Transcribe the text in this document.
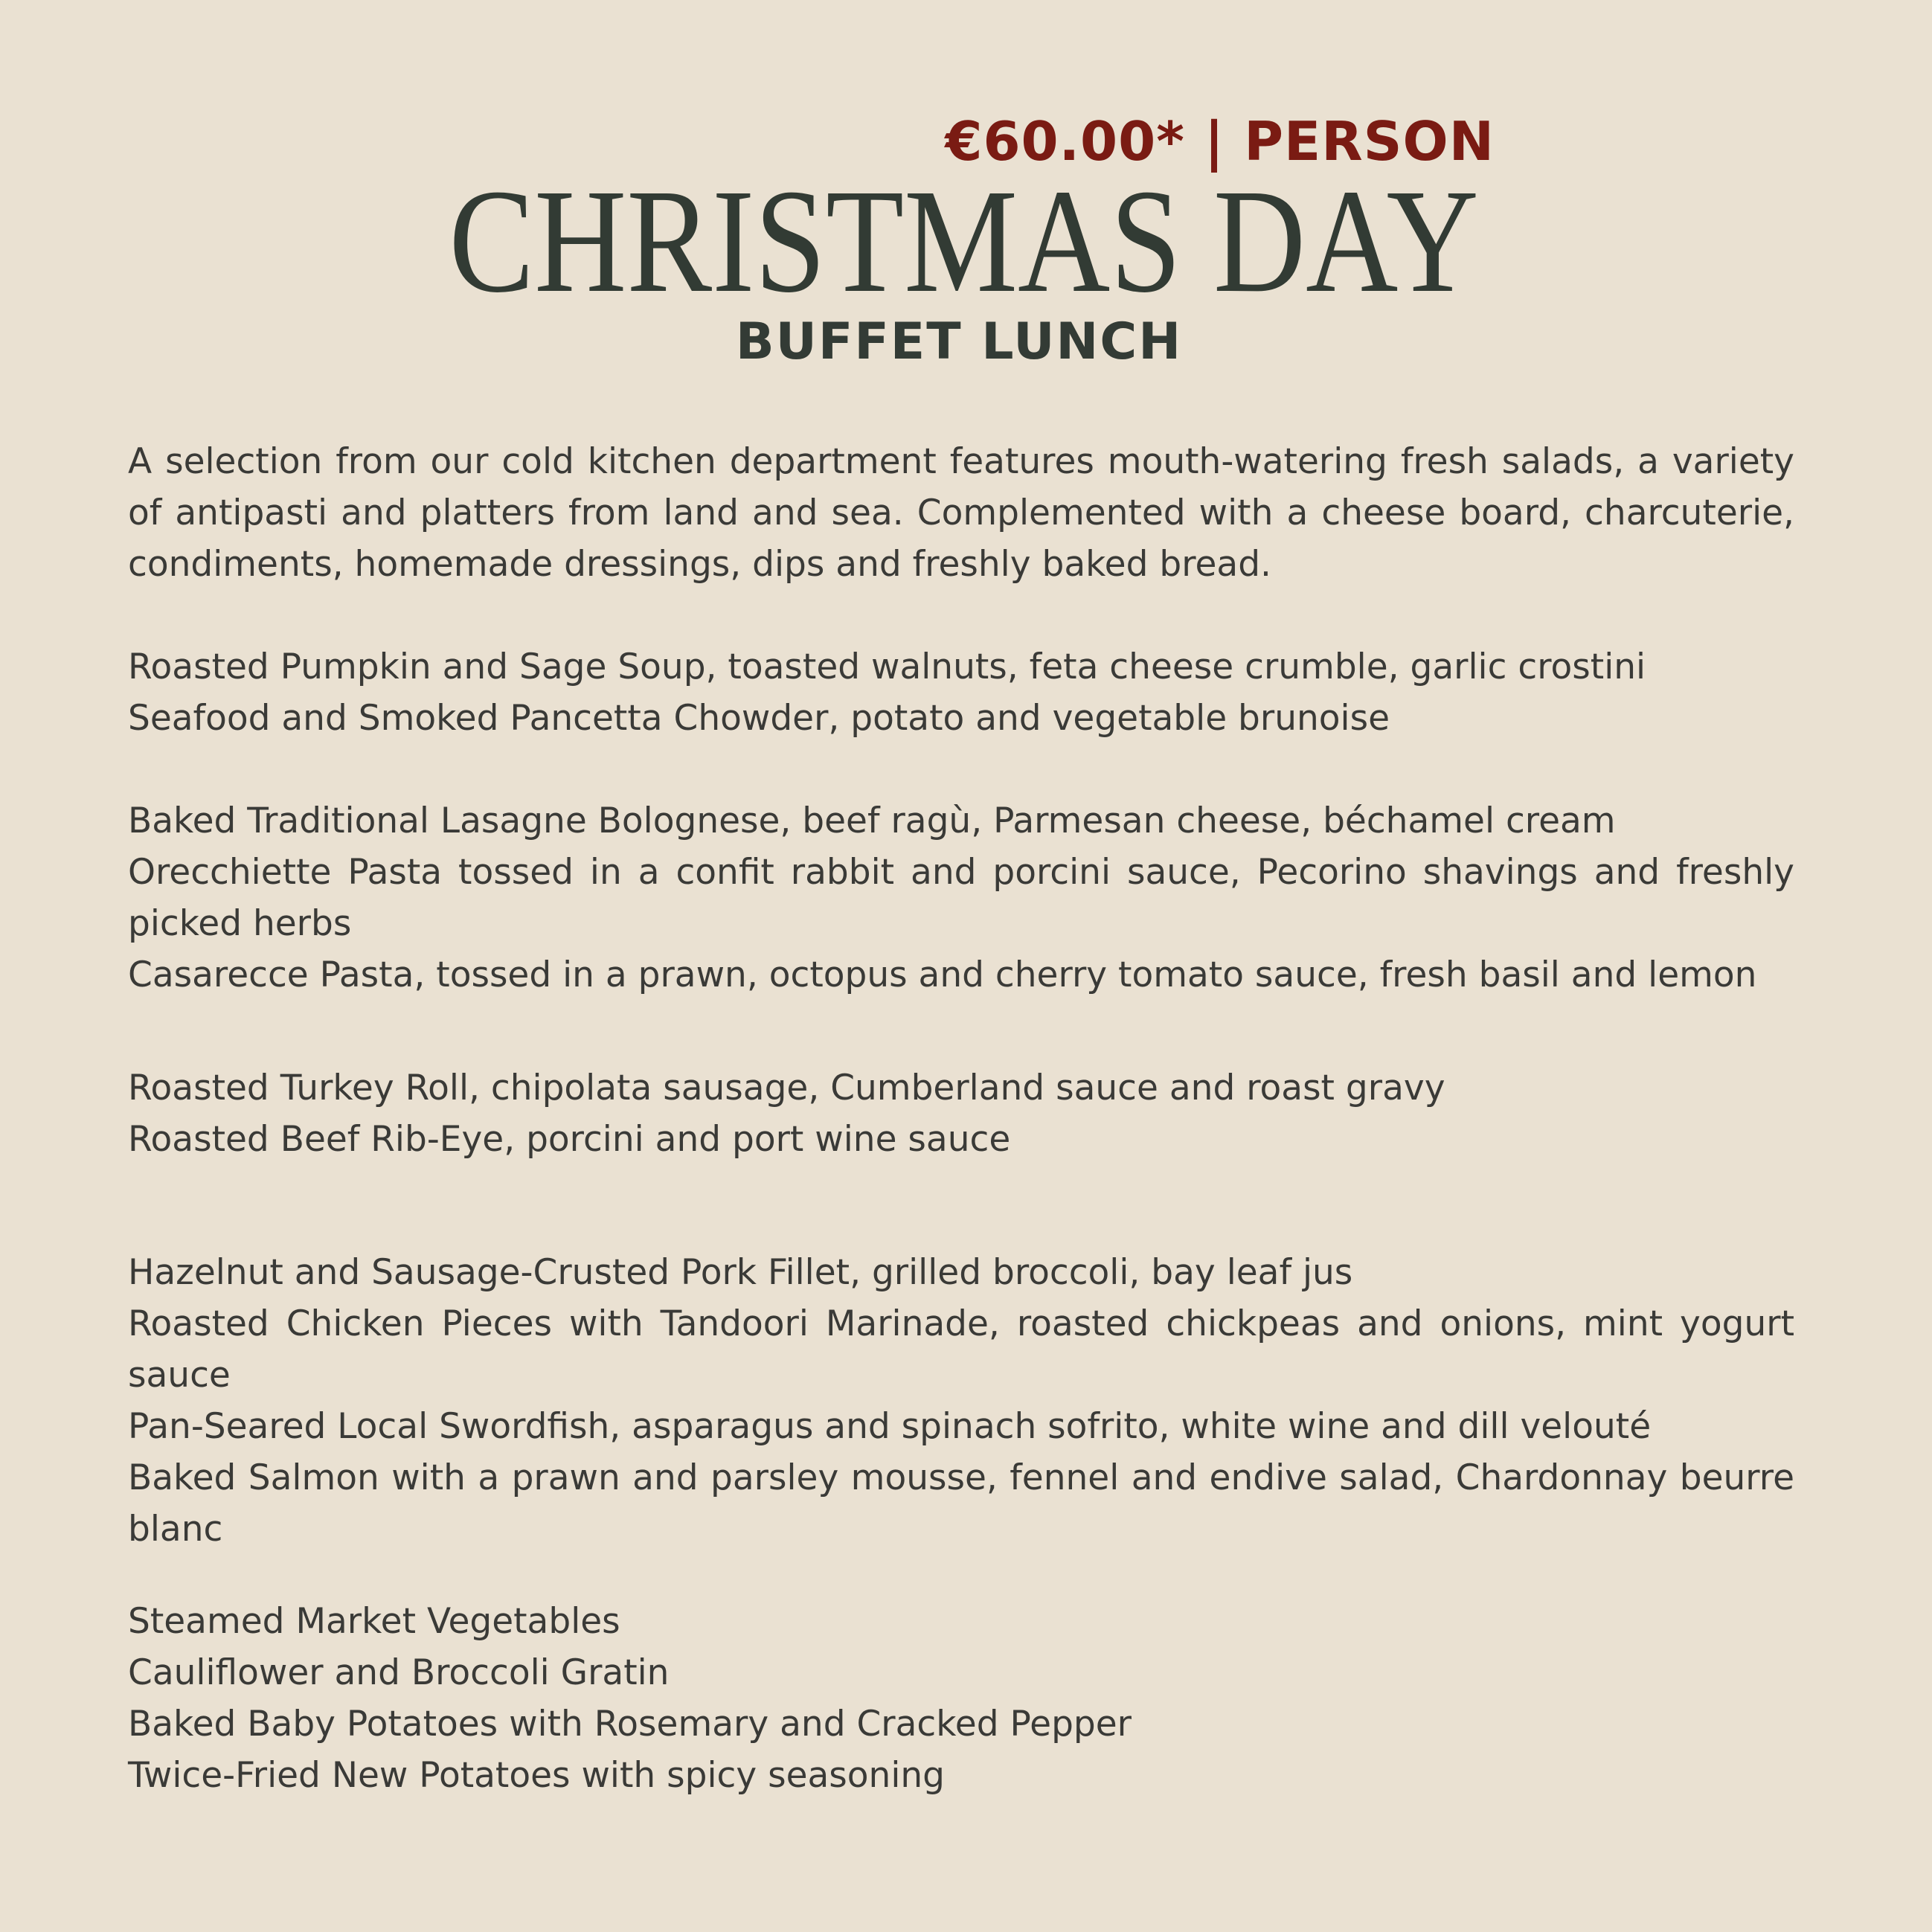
€60.00* | PERSON
CHRISTMAS DAY
BUFFET LUNCH

A selection from our cold kitchen department features mouth-watering fresh salads, a variety of antipasti and platters from land and sea. Complemented with a cheese board, charcuterie, condiments, homemade dressings, dips and freshly baked bread.

Roasted Pumpkin and Sage Soup, toasted walnuts, feta cheese crumble, garlic crostini

Seafood and Smoked Pancetta Chowder, potato and vegetable brunoise

Baked Traditional Lasagne Bolognese, beef ragù, Parmesan cheese, béchamel cream

Orecchiette Pasta tossed in a confit rabbit and porcini sauce, Pecorino shavings and freshly picked herbs

Casarecce Pasta, tossed in a prawn, octopus and cherry tomato sauce, fresh basil and lemon

Roasted Turkey Roll, chipolata sausage, Cumberland sauce and roast gravy

Roasted Beef Rib-Eye, porcini and port wine sauce

Hazelnut and Sausage-Crusted Pork Fillet, grilled broccoli, bay leaf jus

Roasted Chicken Pieces with Tandoori Marinade, roasted chickpeas and onions, mint yogurt sauce

Pan-Seared Local Swordfish, asparagus and spinach sofrito, white wine and dill velouté

Baked Salmon with a prawn and parsley mousse, fennel and endive salad, Chardonnay beurre blanc

Steamed Market Vegetables

Cauliflower and Broccoli Gratin

Baked Baby Potatoes with Rosemary and Cracked Pepper

Twice-Fried New Potatoes with spicy seasoning
